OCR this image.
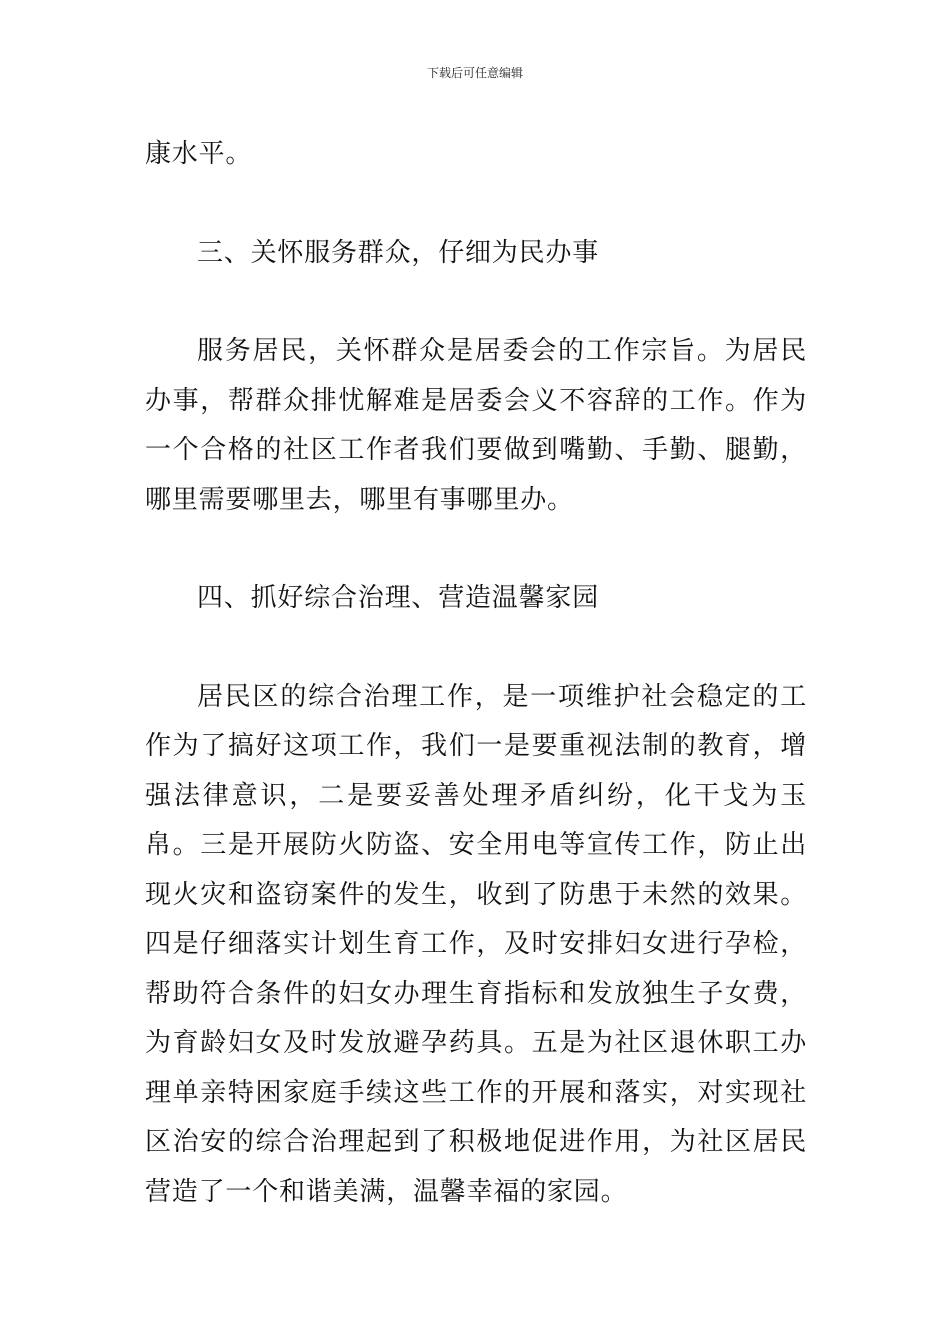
下载后可任意编辑

康水平。

三、关怀服务群众，仔细为民办事

服务居民，关怀群众是居委会的工作宗旨。为居民办事，帮群众排忧解难是居委会义不容辞的工作。作为一个合格的社区工作者我们要做到嘴勤、手勤、腿勤，哪里需要哪里去，哪里有事哪里办。

四、抓好综合治理、营造温馨家园

居民区的综合治理工作，是一项维护社会稳定的工作为了搞好这项工作，我们一是要重视法制的教育，增强法律意识，二是要妥善处理矛盾纠纷，化干戈为玉帛。三是开展防火防盗、安全用电等宣传工作，防止出现火灾和盗窃案件的发生，收到了防患于未然的效果。四是仔细落实计划生育工作，及时安排妇女进行孕检，帮助符合条件的妇女办理生育指标和发放独生子女费，为育龄妇女及时发放避孕药具。五是为社区退休职工办理单亲特困家庭手续这些工作的开展和落实，对实现社区治安的综合治理起到了积极地促进作用，为社区居民营造了一个和谐美满，温馨幸福的家园。
